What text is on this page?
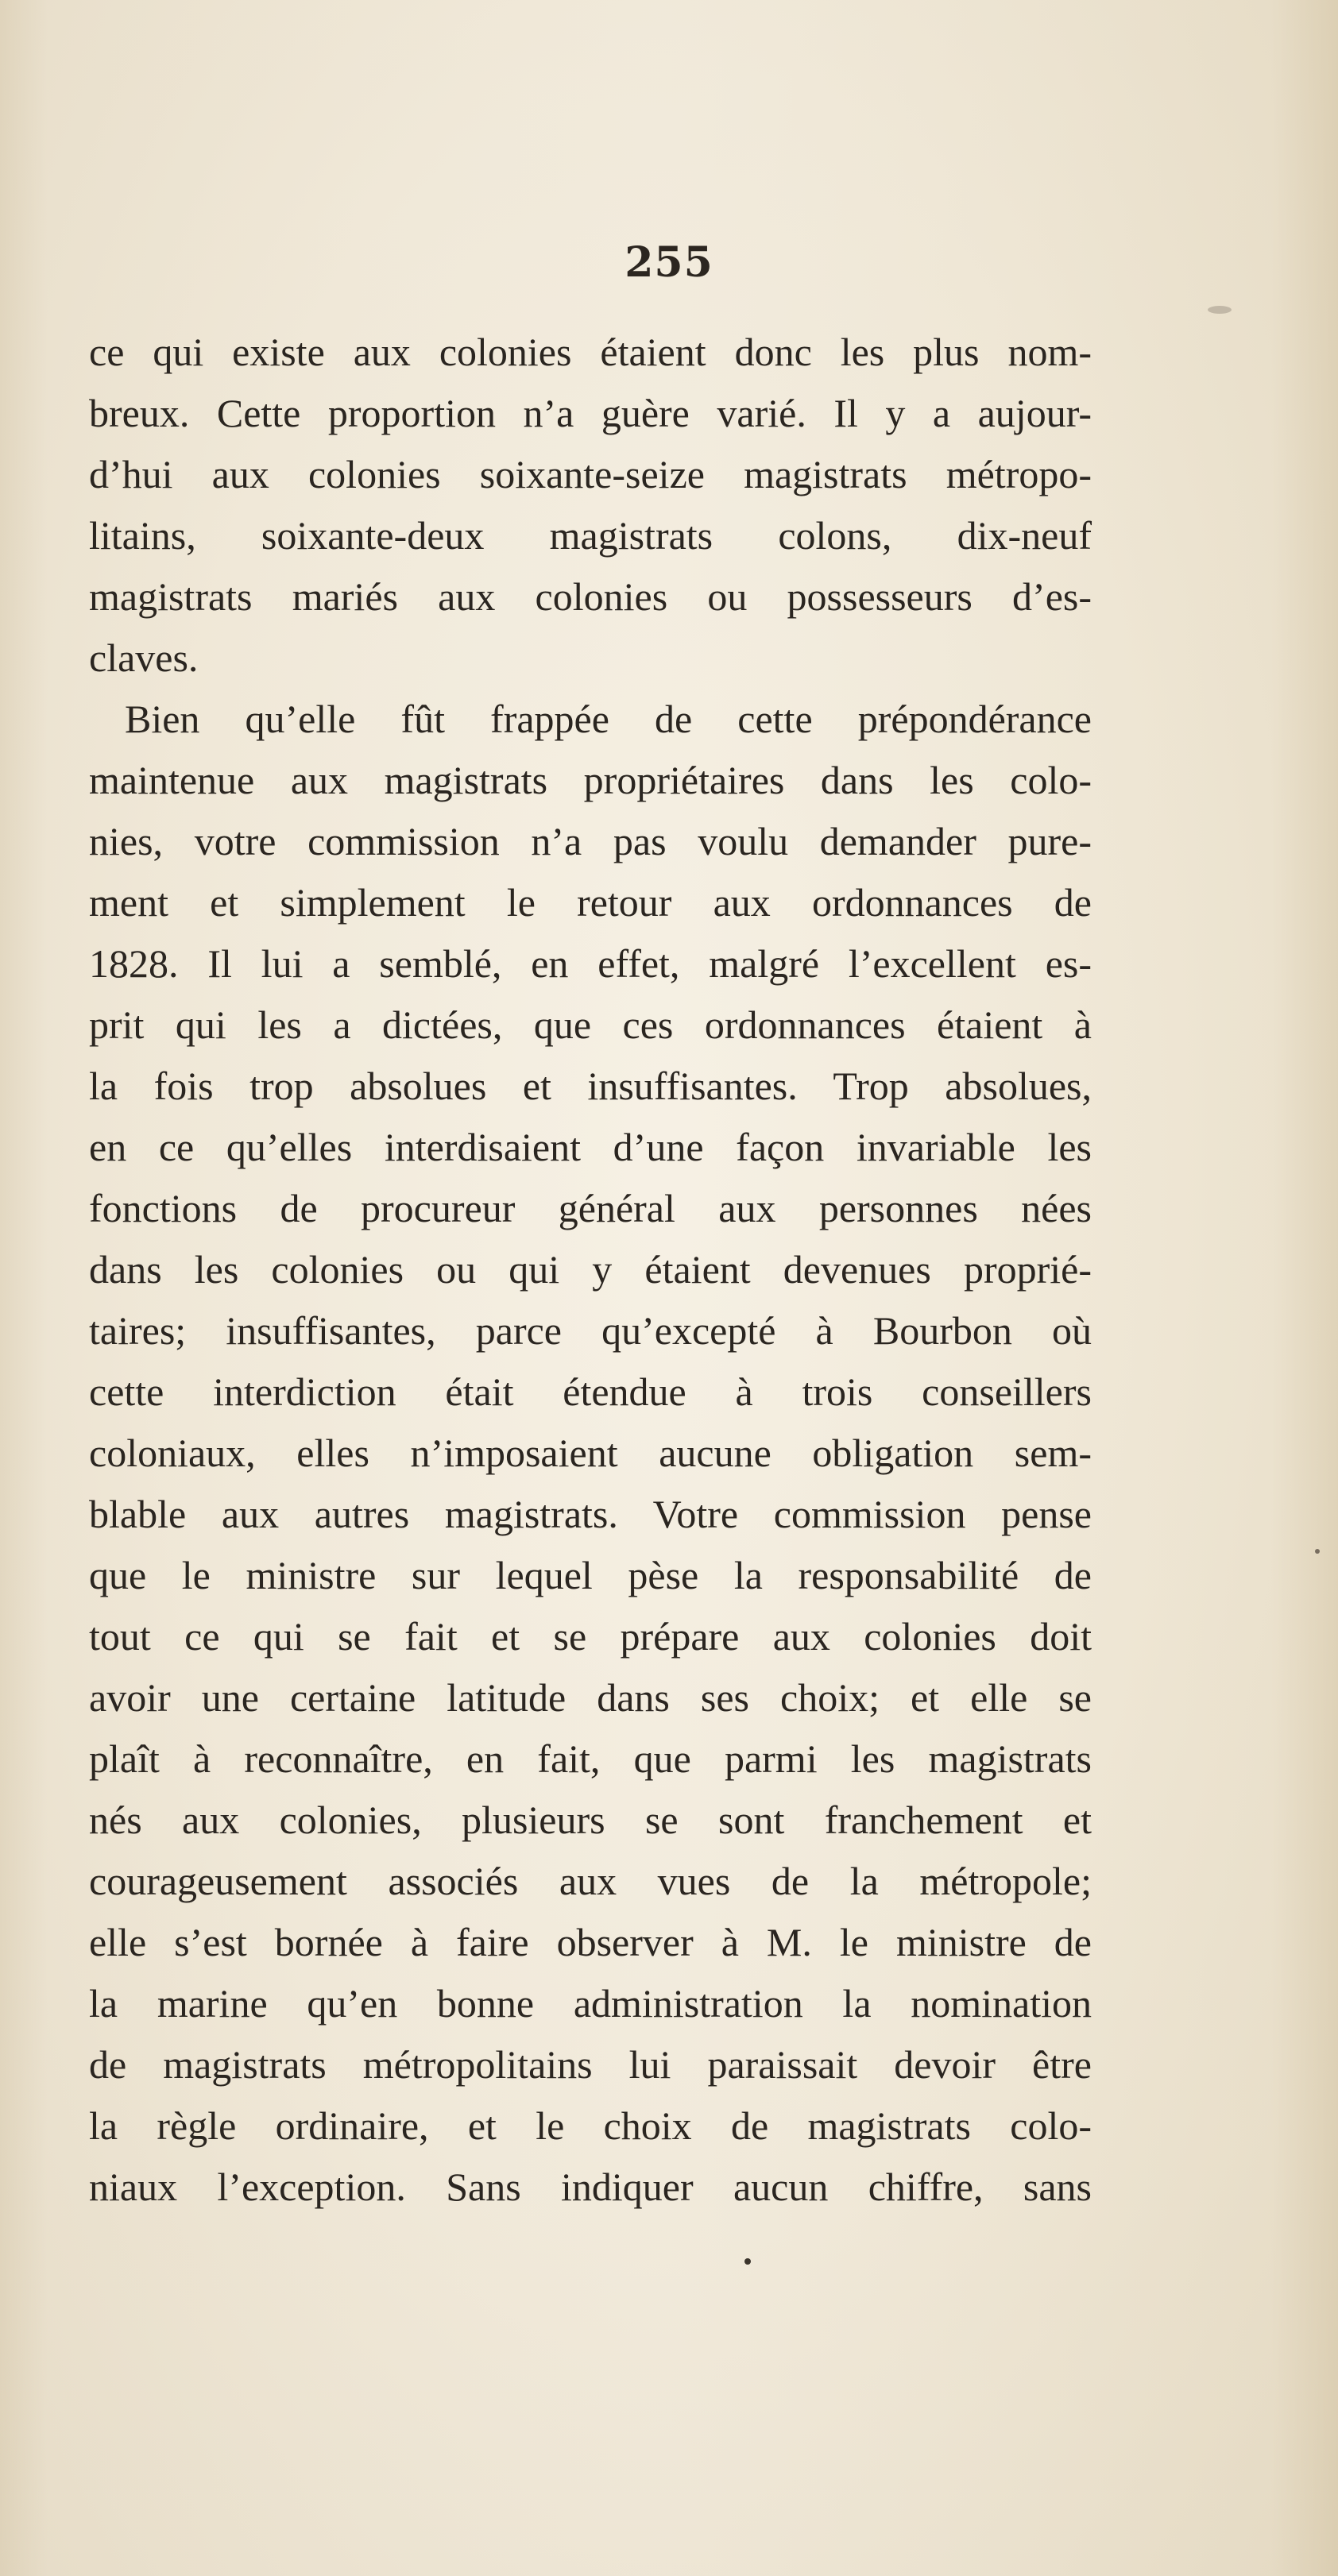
255
ce qui existe aux colonies étaient donc les plus nom-
breux. Cette proportion n’a guère varié. Il y a aujour-
d’hui aux colonies soixante-seize magistrats métropo-
litains, soixante-deux magistrats colons, dix-neuf
magistrats mariés aux colonies ou possesseurs d’es-
claves.
Bien qu’elle fût frappée de cette prépondérance
maintenue aux magistrats propriétaires dans les colo-
nies, votre commission n’a pas voulu demander pure-
ment et simplement le retour aux ordonnances de
1828. Il lui a semblé, en effet, malgré l’excellent es-
prit qui les a dictées, que ces ordonnances étaient à
la fois trop absolues et insuffisantes. Trop absolues,
en ce qu’elles interdisaient d’une façon invariable les
fonctions de procureur général aux personnes nées
dans les colonies ou qui y étaient devenues proprié-
taires; insuffisantes, parce qu’excepté à Bourbon où
cette interdiction était étendue à trois conseillers
coloniaux, elles n’imposaient aucune obligation sem-
blable aux autres magistrats. Votre commission pense
que le ministre sur lequel pèse la responsabilité de
tout ce qui se fait et se prépare aux colonies doit
avoir une certaine latitude dans ses choix; et elle se
plaît à reconnaître, en fait, que parmi les magistrats
nés aux colonies, plusieurs se sont franchement et
courageusement associés aux vues de la métropole;
elle s’est bornée à faire observer à M. le ministre de
la marine qu’en bonne administration la nomination
de magistrats métropolitains lui paraissait devoir être
la règle ordinaire, et le choix de magistrats colo-
niaux l’exception. Sans indiquer aucun chiffre, sans
